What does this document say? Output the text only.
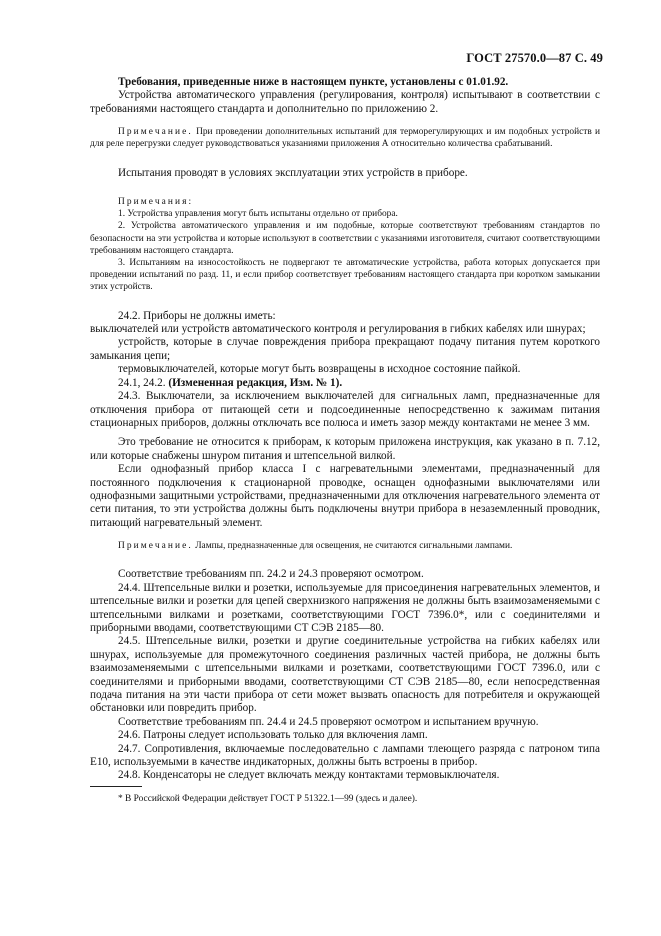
ГОСТ 27570.0—87 С. 49

Требования, приведенные ниже в настоящем пункте, установлены с 01.01.92.

Устройства автоматического управления (регулирования, контроля) испытывают в соответствии с требованиями настоящего стандарта и дополнительно по приложению 2.

Примечание. При проведении дополнительных испытаний для терморегулирующих и им подобных устройств и для реле перегрузки следует руководствоваться указаниями приложения А относительно количества срабатываний.

Испытания проводят в условиях эксплуатации этих устройств в приборе.

Примечания:

1. Устройства управления могут быть испытаны отдельно от прибора.

2. Устройства автоматического управления и им подобные, которые соответствуют требованиям стандартов по безопасности на эти устройства и которые используют в соответствии с указаниями изготовителя, считают соответствующими требованиям настоящего стандарта.

3. Испытаниям на износостойкость не подвергают те автоматические устройства, работа которых допускается при проведении испытаний по разд. 11, и если прибор соответствует требованиям настоящего стандарта при коротком замыкании этих устройств.

24.2. Приборы не должны иметь:

выключателей или устройств автоматического контроля и регулирования в гибких кабелях или шнурах;

устройств, которые в случае повреждения прибора прекращают подачу питания путем короткого замыкания цепи;

термовыключателей, которые могут быть возвращены в исходное состояние пайкой.

24.1, 24.2. (Измененная редакция, Изм. № 1).

24.3. Выключатели, за исключением выключателей для сигнальных ламп, предназначенные для отключения прибора от питающей сети и подсоединенные непосредственно к зажимам питания стационарных приборов, должны отключать все полюса и иметь зазор между контактами не менее 3 мм.

Это требование не относится к приборам, к которым приложена инструкция, как указано в п. 7.12, или которые снабжены шнуром питания и штепсельной вилкой.

Если однофазный прибор класса I с нагревательными элементами, предназначенный для постоянного подключения к стационарной проводке, оснащен однофазными выключателями или однофазными защитными устройствами, предназначенными для отключения нагревательного элемента от сети питания, то эти устройства должны быть подключены внутри прибора в незаземленный проводник, питающий нагревательный элемент.

Примечание. Лампы, предназначенные для освещения, не считаются сигнальными лампами.

Соответствие требованиям пп. 24.2 и 24.3 проверяют осмотром.

24.4. Штепсельные вилки и розетки, используемые для присоединения нагревательных элементов, и штепсельные вилки и розетки для цепей сверхнизкого напряжения не должны быть взаимозаменяемыми с штепсельными вилками и розетками, соответствующими ГОСТ 7396.0*, или с соединителями и приборными вводами, соответствующими СТ СЭВ 2185—80.

24.5. Штепсельные вилки, розетки и другие соединительные устройства на гибких кабелях или шнурах, используемые для промежуточного соединения различных частей прибора, не должны быть взаимозаменяемыми с штепсельными вилками и розетками, соответствующими ГОСТ 7396.0, или с соединителями и приборными вводами, соответствующими СТ СЭВ 2185—80, если непосредственная подача питания на эти части прибора от сети может вызвать опасность для потребителя и окружающей обстановки или повредить прибор.

Соответствие требованиям пп. 24.4 и 24.5 проверяют осмотром и испытанием вручную.

24.6. Патроны следует использовать только для включения ламп.

24.7. Сопротивления, включаемые последовательно с лампами тлеющего разряда с патроном типа Е10, используемыми в качестве индикаторных, должны быть встроены в прибор.

24.8. Конденсаторы не следует включать между контактами термовыключателя.

* В Российской Федерации действует ГОСТ Р 51322.1—99 (здесь и далее).
